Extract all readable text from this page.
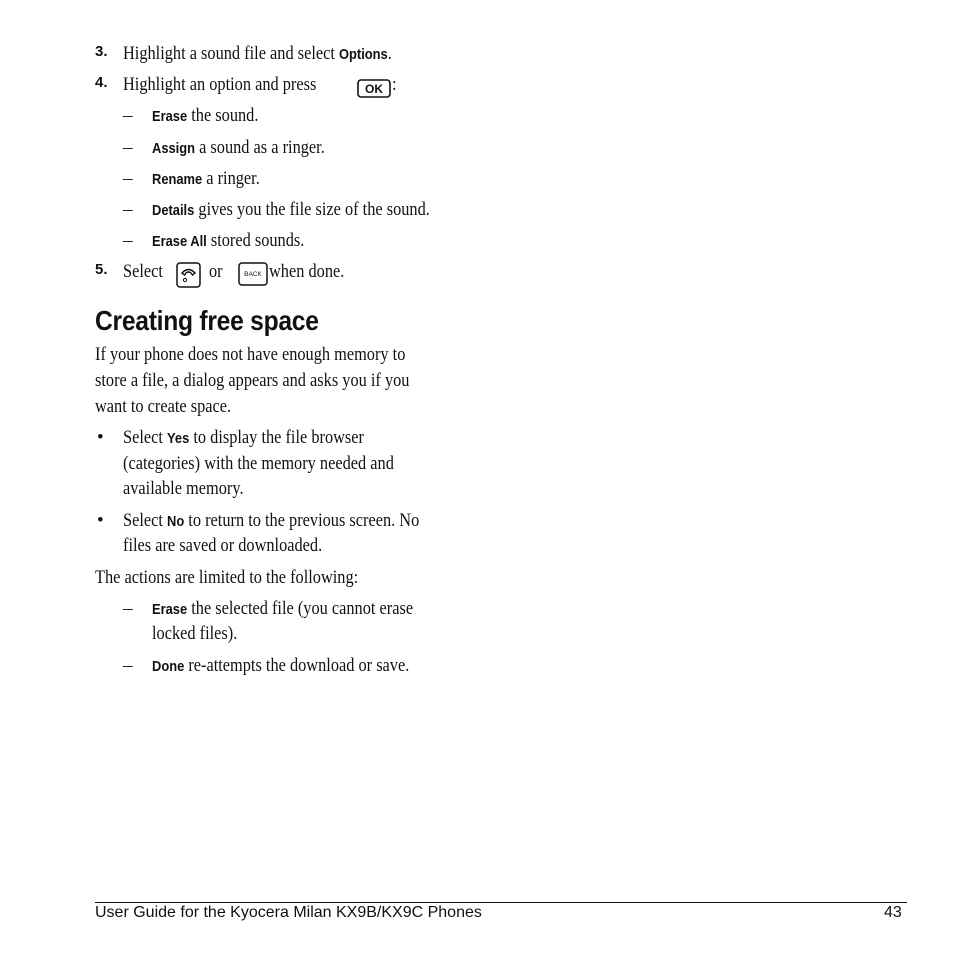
3. Highlight a sound file and select Options.
4. Highlight an option and press	OK :
– Erase the sound.
– Assign a sound as a ringer.
– Rename a ringer.
– Details gives you the file size of the sound.
– Erase All stored sounds.
5. Select	or	BACK when done.
Creating free space
If your phone does not have enough memory to
store a file, a dialog appears and asks you if you
want to create space.
• Select Yes to display the file browser
(categories) with the memory needed and
available memory.
• Select No to return to the previous screen. No
files are saved or downloaded.
The actions are limited to the following:
– Erase the selected file (you cannot erase
locked files).
– Done re-attempts the download or save.
User Guide for the Kyocera Milan KX9B/KX9C Phones	43
